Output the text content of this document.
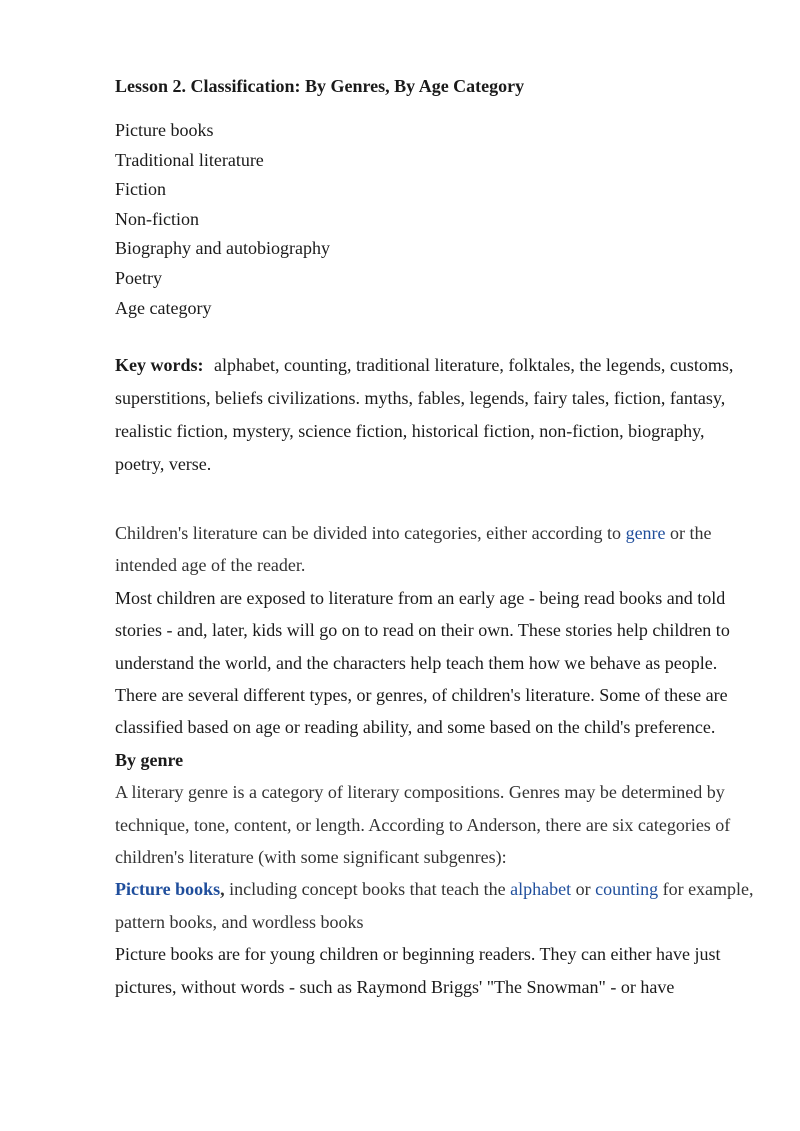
Lesson 2. Classification: By Genres, By Age Category
Picture books
Traditional literature
Fiction
Non-fiction
Biography and autobiography
Poetry
Age category
Key words: alphabet, counting, traditional literature, folktales, the legends, customs, superstitions, beliefs civilizations. myths, fables, legends, fairy tales, fiction, fantasy, realistic fiction, mystery, science fiction, historical fiction, non-fiction, biography, poetry, verse.

Children's literature can be divided into categories, either according to genre or the intended age of the reader.

Most children are exposed to literature from an early age - being read books and told stories - and, later, kids will go on to read on their own. These stories help children to understand the world, and the characters help teach them how we behave as people. There are several different types, or genres, of children's literature. Some of these are classified based on age or reading ability, and some based on the child's preference.

By genre

A literary genre is a category of literary compositions. Genres may be determined by technique, tone, content, or length. According to Anderson, there are six categories of children's literature (with some significant subgenres):

Picture books, including concept books that teach the alphabet or counting for example, pattern books, and wordless books

Picture books are for young children or beginning readers. They can either have just pictures, without words - such as Raymond Briggs' "The Snowman" - or have
